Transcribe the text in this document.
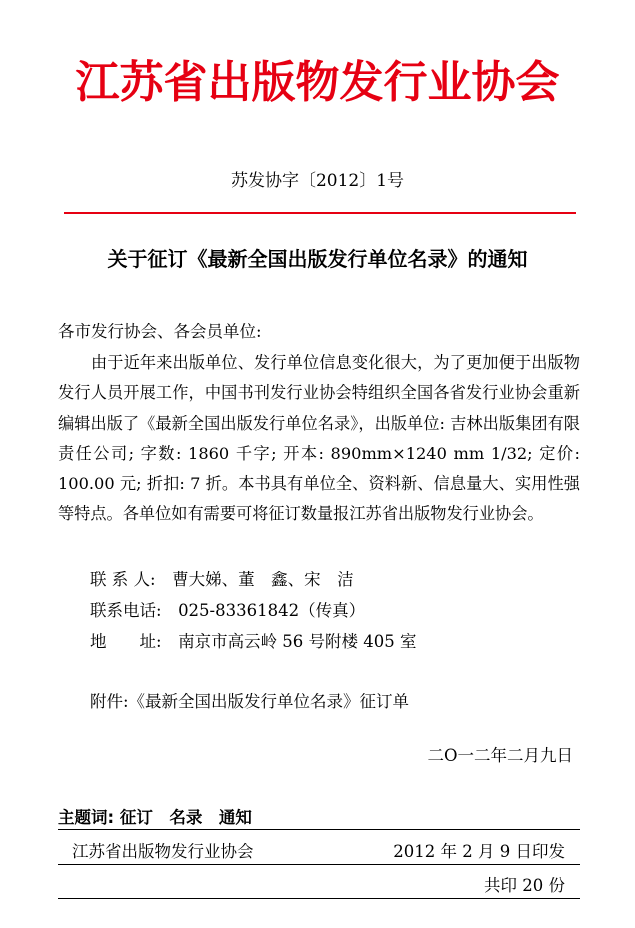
江苏省出版物发行业协会
苏发协字〔2012〕1号
关于征订《最新全国出版发行单位名录》的通知
各市发行协会、各会员单位:
由于近年来出版单位、发行单位信息变化很大，为了更加便于出版物发行人员开展工作，中国书刊发行业协会特组织全国各省发行业协会重新编辑出版了《最新全国出版发行单位名录》，出版单位: 吉林出版集团有限责任公司; 字数: 1860 千字; 开本: 890mm×1240 mm 1/32; 定价: 100.00 元; 折扣: 7 折。本书具有单位全、资料新、信息量大、实用性强等特点。各单位如有需要可将征订数量报江苏省出版物发行业协会。
联 系 人: 曹大娣、董　鑫、宋　洁
联系电话: 025-83361842（传真）
地　　址: 南京市高云岭 56 号附楼 405 室
附件:《最新全国出版发行单位名录》征订单
二O一二年二月九日
主题词: 征订　名录　通知
江苏省出版物发行业协会	2012 年 2 月 9 日印发
共印 20 份
